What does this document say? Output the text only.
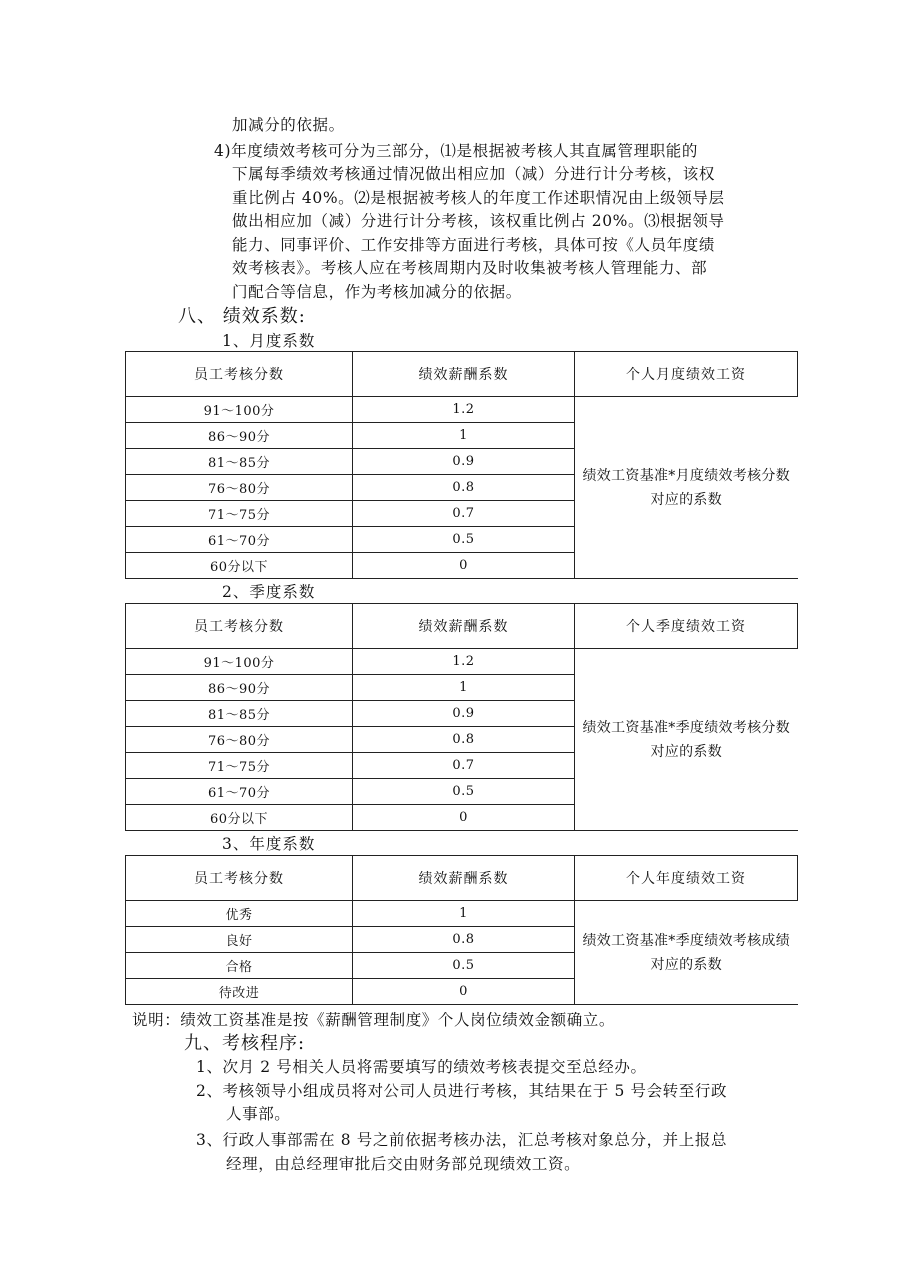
加减分的依据。
4)年度绩效考核可分为三部分，⑴是根据被考核人其直属管理职能的
下属每季绩效考核通过情况做出相应加（减）分进行计分考核，该权
重比例占 40%。⑵是根据被考核人的年度工作述职情况由上级领导层
做出相应加（减）分进行计分考核，该权重比例占 20%。⑶根据领导
能力、同事评价、工作安排等方面进行考核，具体可按《人员年度绩
效考核表》。考核人应在考核周期内及时收集被考核人管理能力、部
门配合等信息，作为考核加减分的依据。
八、 绩效系数:
1、月度系数
员工考核分数	绩效薪酬系数	个人月度绩效工资
91～100分	1.2	绩效工资基准*月度绩效考核分数对应的系数
86～90分	1	
81～85分	0.9	
76～80分	0.8	
71～75分	0.7	
61～70分	0.5	
60分以下	0	
2、季度系数
员工考核分数	绩效薪酬系数	个人季度绩效工资
91～100分	1.2	绩效工资基准*季度绩效考核分数对应的系数
86～90分	1	
81～85分	0.9	
76～80分	0.8	
71～75分	0.7	
61～70分	0.5	
60分以下	0	
3、年度系数
员工考核分数	绩效薪酬系数	个人年度绩效工资
优秀	1	绩效工资基准*季度绩效考核成绩对应的系数
良好	0.8	
合格	0.5	
待改进	0	
说明：绩效工资基准是按《薪酬管理制度》个人岗位绩效金额确立。
九、考核程序:
1、次月 2 号相关人员将需要填写的绩效考核表提交至总经办。
2、考核领导小组成员将对公司人员进行考核，其结果在于 5 号会转至行政
人事部。
3、行政人事部需在 8 号之前依据考核办法，汇总考核对象总分，并上报总
经理，由总经理审批后交由财务部兑现绩效工资。
